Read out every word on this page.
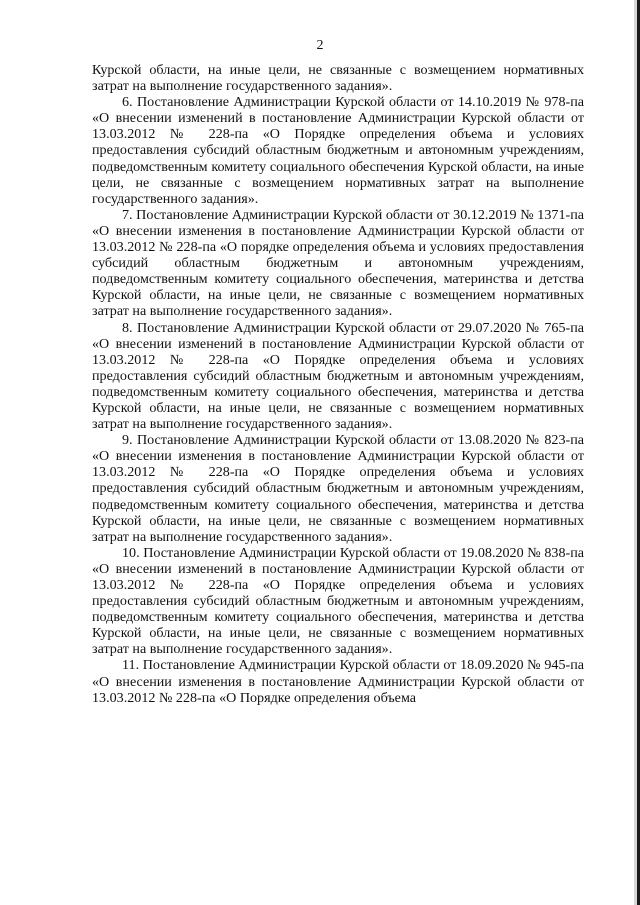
2

Курской области, на иные цели, не связанные с возмещением нормативных затрат на выполнение государственного задания».

6. Постановление Администрации Курской области от 14.10.2019 № 978-па «О внесении изменений в постановление Администрации Курской области от 13.03.2012 № 228-па «О Порядке определения объема и условиях предоставления субсидий областным бюджетным и автономным учреждениям, подведомственным комитету социального обеспечения Курской области, на иные цели, не связанные с возмещением нормативных затрат на выполнение государственного задания».

7. Постановление Администрации Курской области от 30.12.2019 № 1371-па «О внесении изменения в постановление Администрации Курской области от 13.03.2012 № 228-па «О порядке определения объема и условиях предоставления субсидий областным бюджетным и автономным учреждениям, подведомственным комитету социального обеспечения, материнства и детства Курской области, на иные цели, не связанные с возмещением нормативных затрат на выполнение государственного задания».

8. Постановление Администрации Курской области от 29.07.2020 № 765-па «О внесении изменений в постановление Администрации Курской области от 13.03.2012 № 228-па «О Порядке определения объема и условиях предоставления субсидий областным бюджетным и автономным учреждениям, подведомственным комитету социального обеспечения, материнства и детства Курской области, на иные цели, не связанные с возмещением нормативных затрат на выполнение государственного задания».

9. Постановление Администрации Курской области от 13.08.2020 № 823-па «О внесении изменения в постановление Администрации Курской области от 13.03.2012 № 228-па «О Порядке определения объема и условиях предоставления субсидий областным бюджетным и автономным учреждениям, подведомственным комитету социального обеспечения, материнства и детства Курской области, на иные цели, не связанные с возмещением нормативных затрат на выполнение государственного задания».

10. Постановление Администрации Курской области от 19.08.2020 № 838-па «О внесении изменений в постановление Администрации Курской области от 13.03.2012 № 228-па «О Порядке определения объема и условиях предоставления субсидий областным бюджетным и автономным учреждениям, подведомственным комитету социального обеспечения, материнства и детства Курской области, на иные цели, не связанные с возмещением нормативных затрат на выполнение государственного задания».

11. Постановление Администрации Курской области от 18.09.2020 № 945-па «О внесении изменения в постановление Администрации Курской области от 13.03.2012 № 228-па «О Порядке определения объема
